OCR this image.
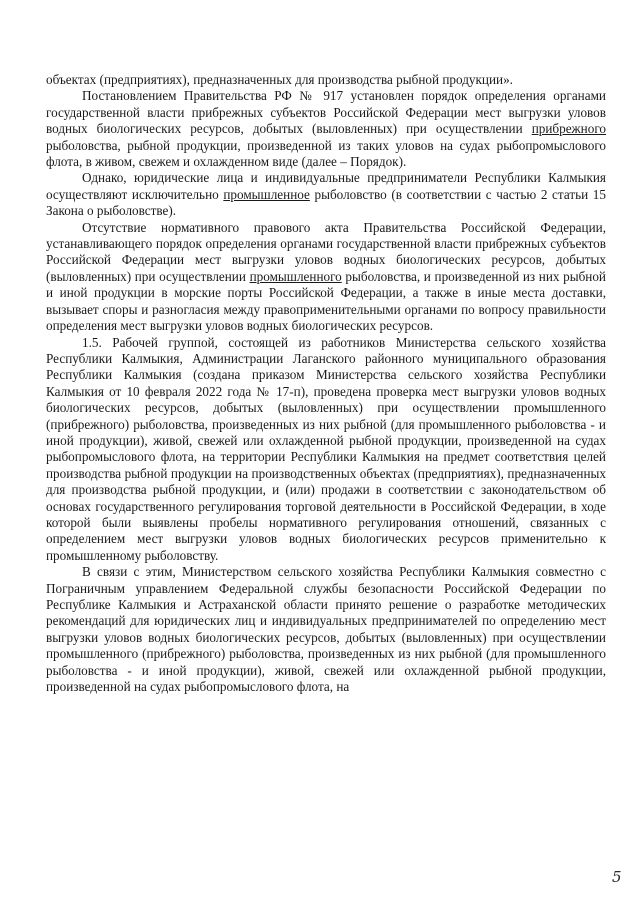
объектах (предприятиях), предназначенных для производства рыбной продукции».

Постановлением Правительства РФ № 917 установлен порядок определения органами государственной власти прибрежных субъектов Российской Федерации мест выгрузки уловов водных биологических ресурсов, добытых (выловленных) при осуществлении прибрежного рыболовства, рыбной продукции, произведенной из таких уловов на судах рыбопромыслового флота, в живом, свежем и охлажденном виде (далее – Порядок).

Однако, юридические лица и индивидуальные предприниматели Республики Калмыкия осуществляют исключительно промышленное рыболовство (в соответствии с частью 2 статьи 15 Закона о рыболовстве).

Отсутствие нормативного правового акта Правительства Российской Федерации, устанавливающего порядок определения органами государственной власти прибрежных субъектов Российской Федерации мест выгрузки уловов водных биологических ресурсов, добытых (выловленных) при осуществлении промышленного рыболовства, и произведенной из них рыбной и иной продукции в морские порты Российской Федерации, а также в иные места доставки, вызывает споры и разногласия между правоприменительными органами по вопросу правильности определения мест выгрузки уловов водных биологических ресурсов.

1.5. Рабочей группой, состоящей из работников Министерства сельского хозяйства Республики Калмыкия, Администрации Лаганского районного муниципального образования Республики Калмыкия (создана приказом Министерства сельского хозяйства Республики Калмыкия от 10 февраля 2022 года № 17-п), проведена проверка мест выгрузки уловов водных биологических ресурсов, добытых (выловленных) при осуществлении промышленного (прибрежного) рыболовства, произведенных из них рыбной (для промышленного рыболовства - и иной продукции), живой, свежей или охлажденной рыбной продукции, произведенной на судах рыбопромыслового флота, на территории Республики Калмыкия на предмет соответствия целей производства рыбной продукции на производственных объектах (предприятиях), предназначенных для производства рыбной продукции, и (или) продажи в соответствии с законодательством об основах государственного регулирования торговой деятельности в Российской Федерации, в ходе которой были выявлены пробелы нормативного регулирования отношений, связанных с определением мест выгрузки уловов водных биологических ресурсов применительно к промышленному рыболовству.

В связи с этим, Министерством сельского хозяйства Республики Калмыкия совместно с Пограничным управлением Федеральной службы безопасности Российской Федерации по Республике Калмыкия и Астраханской области принято решение о разработке методических рекомендаций для юридических лиц и индивидуальных предпринимателей по определению мест выгрузки уловов водных биологических ресурсов, добытых (выловленных) при осуществлении промышленного (прибрежного) рыболовства, произведенных из них рыбной (для промышленного рыболовства - и иной продукции), живой, свежей или охлажденной рыбной продукции, произведенной на судах рыбопромыслового флота, на

5
